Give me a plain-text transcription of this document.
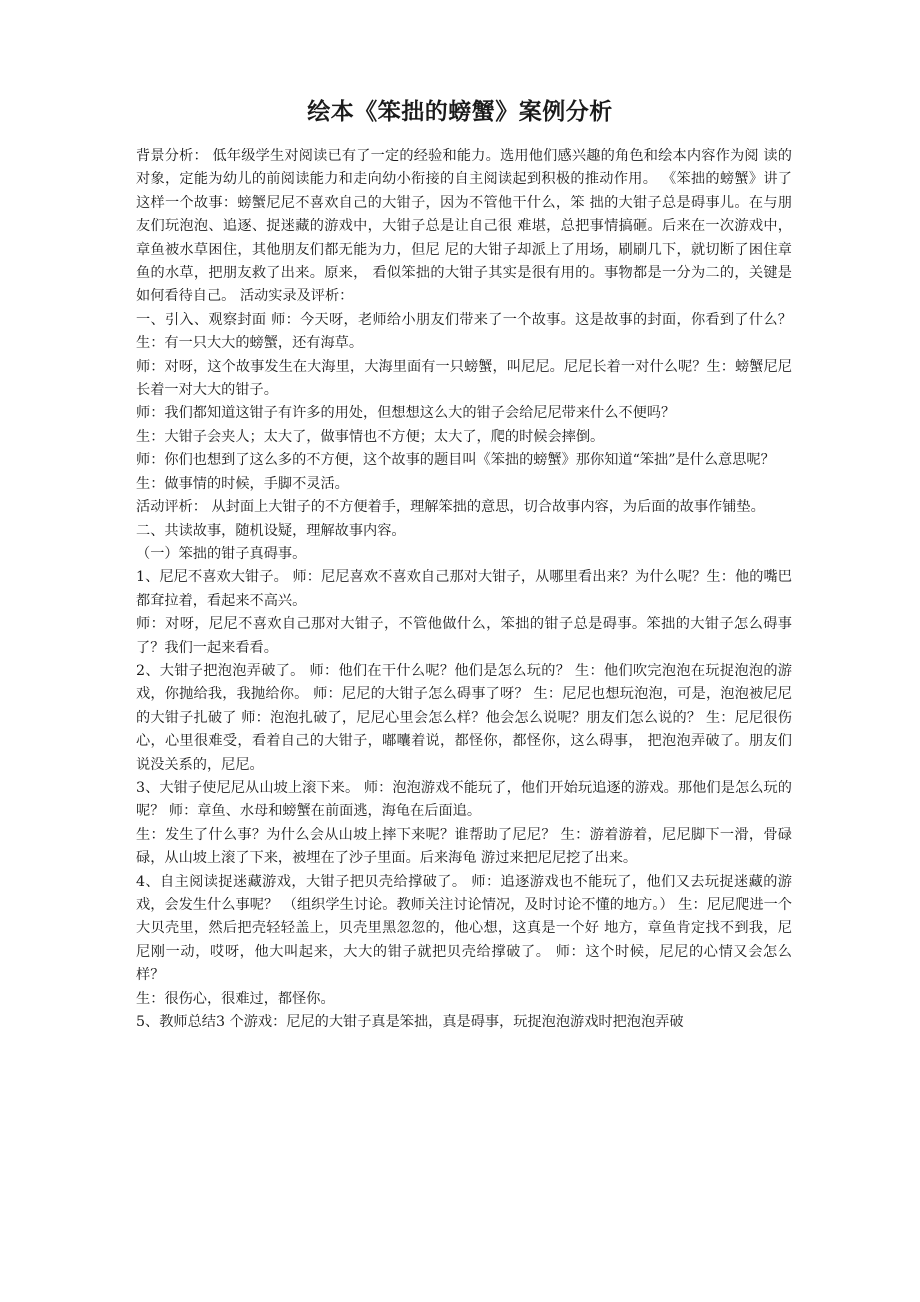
绘本《笨拙的螃蟹》案例分析

背景分析： 低年级学生对阅读已有了一定的经验和能力。选用他们感兴趣的角色和绘本内容作为阅 读的对象，定能为幼儿的前阅读能力和走向幼小衔接的自主阅读起到积极的推动作用。 《笨拙的螃蟹》讲了这样一个故事：螃蟹尼尼不喜欢自己的大钳子，因为不管他干什么，笨 拙的大钳子总是碍事儿。在与朋友们玩泡泡、追逐、捉迷藏的游戏中，大钳子总是让自己很 难堪，总把事情搞砸。后来在一次游戏中，章鱼被水草困住，其他朋友们都无能为力，但尼 尼的大钳子却派上了用场，刷刷几下，就切断了困住章鱼的水草，把朋友救了出来。原来， 看似笨拙的大钳子其实是很有用的。事物都是一分为二的，关键是如何看待自己。 活动实录及评析：

一、引入、观察封面 师：今天呀，老师给小朋友们带来了一个故事。这是故事的封面，你看到了什么？ 生：有一只大大的螃蟹，还有海草。

师：对呀，这个故事发生在大海里，大海里面有一只螃蟹，叫尼尼。尼尼长着一对什么呢？生：螃蟹尼尼长着一对大大的钳子。

师：我们都知道这钳子有许多的用处，但想想这么大的钳子会给尼尼带来什么不便吗？

生：大钳子会夹人；太大了，做事情也不方便；太大了，爬的时候会摔倒。

师：你们也想到了这么多的不方便，这个故事的题目叫《笨拙的螃蟹》那你知道“笨拙”是什么意思呢？

生：做事情的时候，手脚不灵活。

活动评析： 从封面上大钳子的不方便着手，理解笨拙的意思，切合故事内容，为后面的故事作铺垫。

二、共读故事，随机设疑，理解故事内容。

（一）笨拙的钳子真碍事。

1、尼尼不喜欢大钳子。 师：尼尼喜欢不喜欢自己那对大钳子，从哪里看出来？为什么呢？生：他的嘴巴都耷拉着，看起来不高兴。

师：对呀，尼尼不喜欢自己那对大钳子，不管他做什么，笨拙的钳子总是碍事。笨拙的大钳子怎么碍事了？我们一起来看看。

2、大钳子把泡泡弄破了。 师：他们在干什么呢？他们是怎么玩的？ 生：他们吹完泡泡在玩捉泡泡的游戏，你抛给我，我抛给你。 师：尼尼的大钳子怎么碍事了呀？ 生：尼尼也想玩泡泡，可是，泡泡被尼尼的大钳子扎破了 师：泡泡扎破了，尼尼心里会怎么样？他会怎么说呢？朋友们怎么说的？ 生：尼尼很伤心，心里很难受，看着自己的大钳子，嘟囔着说，都怪你，都怪你，这么碍事， 把泡泡弄破了。朋友们说没关系的，尼尼。

3、大钳子使尼尼从山坡上滚下来。 师：泡泡游戏不能玩了，他们开始玩追逐的游戏。那他们是怎么玩的呢？ 师：章鱼、水母和螃蟹在前面逃，海龟在后面追。

生：发生了什么事？为什么会从山坡上摔下来呢？谁帮助了尼尼？ 生：游着游着，尼尼脚下一滑，骨碌碌，从山坡上滚了下来，被埋在了沙子里面。后来海龟 游过来把尼尼挖了出来。

4、自主阅读捉迷藏游戏，大钳子把贝壳给撑破了。 师：追逐游戏也不能玩了，他们又去玩捉迷藏的游戏，会发生什么事呢？ （组织学生讨论。教师关注讨论情况，及时讨论不懂的地方。） 生：尼尼爬进一个大贝壳里，然后把壳轻轻盖上，贝壳里黑忽忽的，他心想，这真是一个好 地方，章鱼肯定找不到我，尼尼刚一动，哎呀，他大叫起来，大大的钳子就把贝壳给撑破了。 师：这个时候，尼尼的心情又会怎么样？

生：很伤心，很难过，都怪你。

5、教师总结3 个游戏：尼尼的大钳子真是笨拙，真是碍事，玩捉泡泡游戏时把泡泡弄破
